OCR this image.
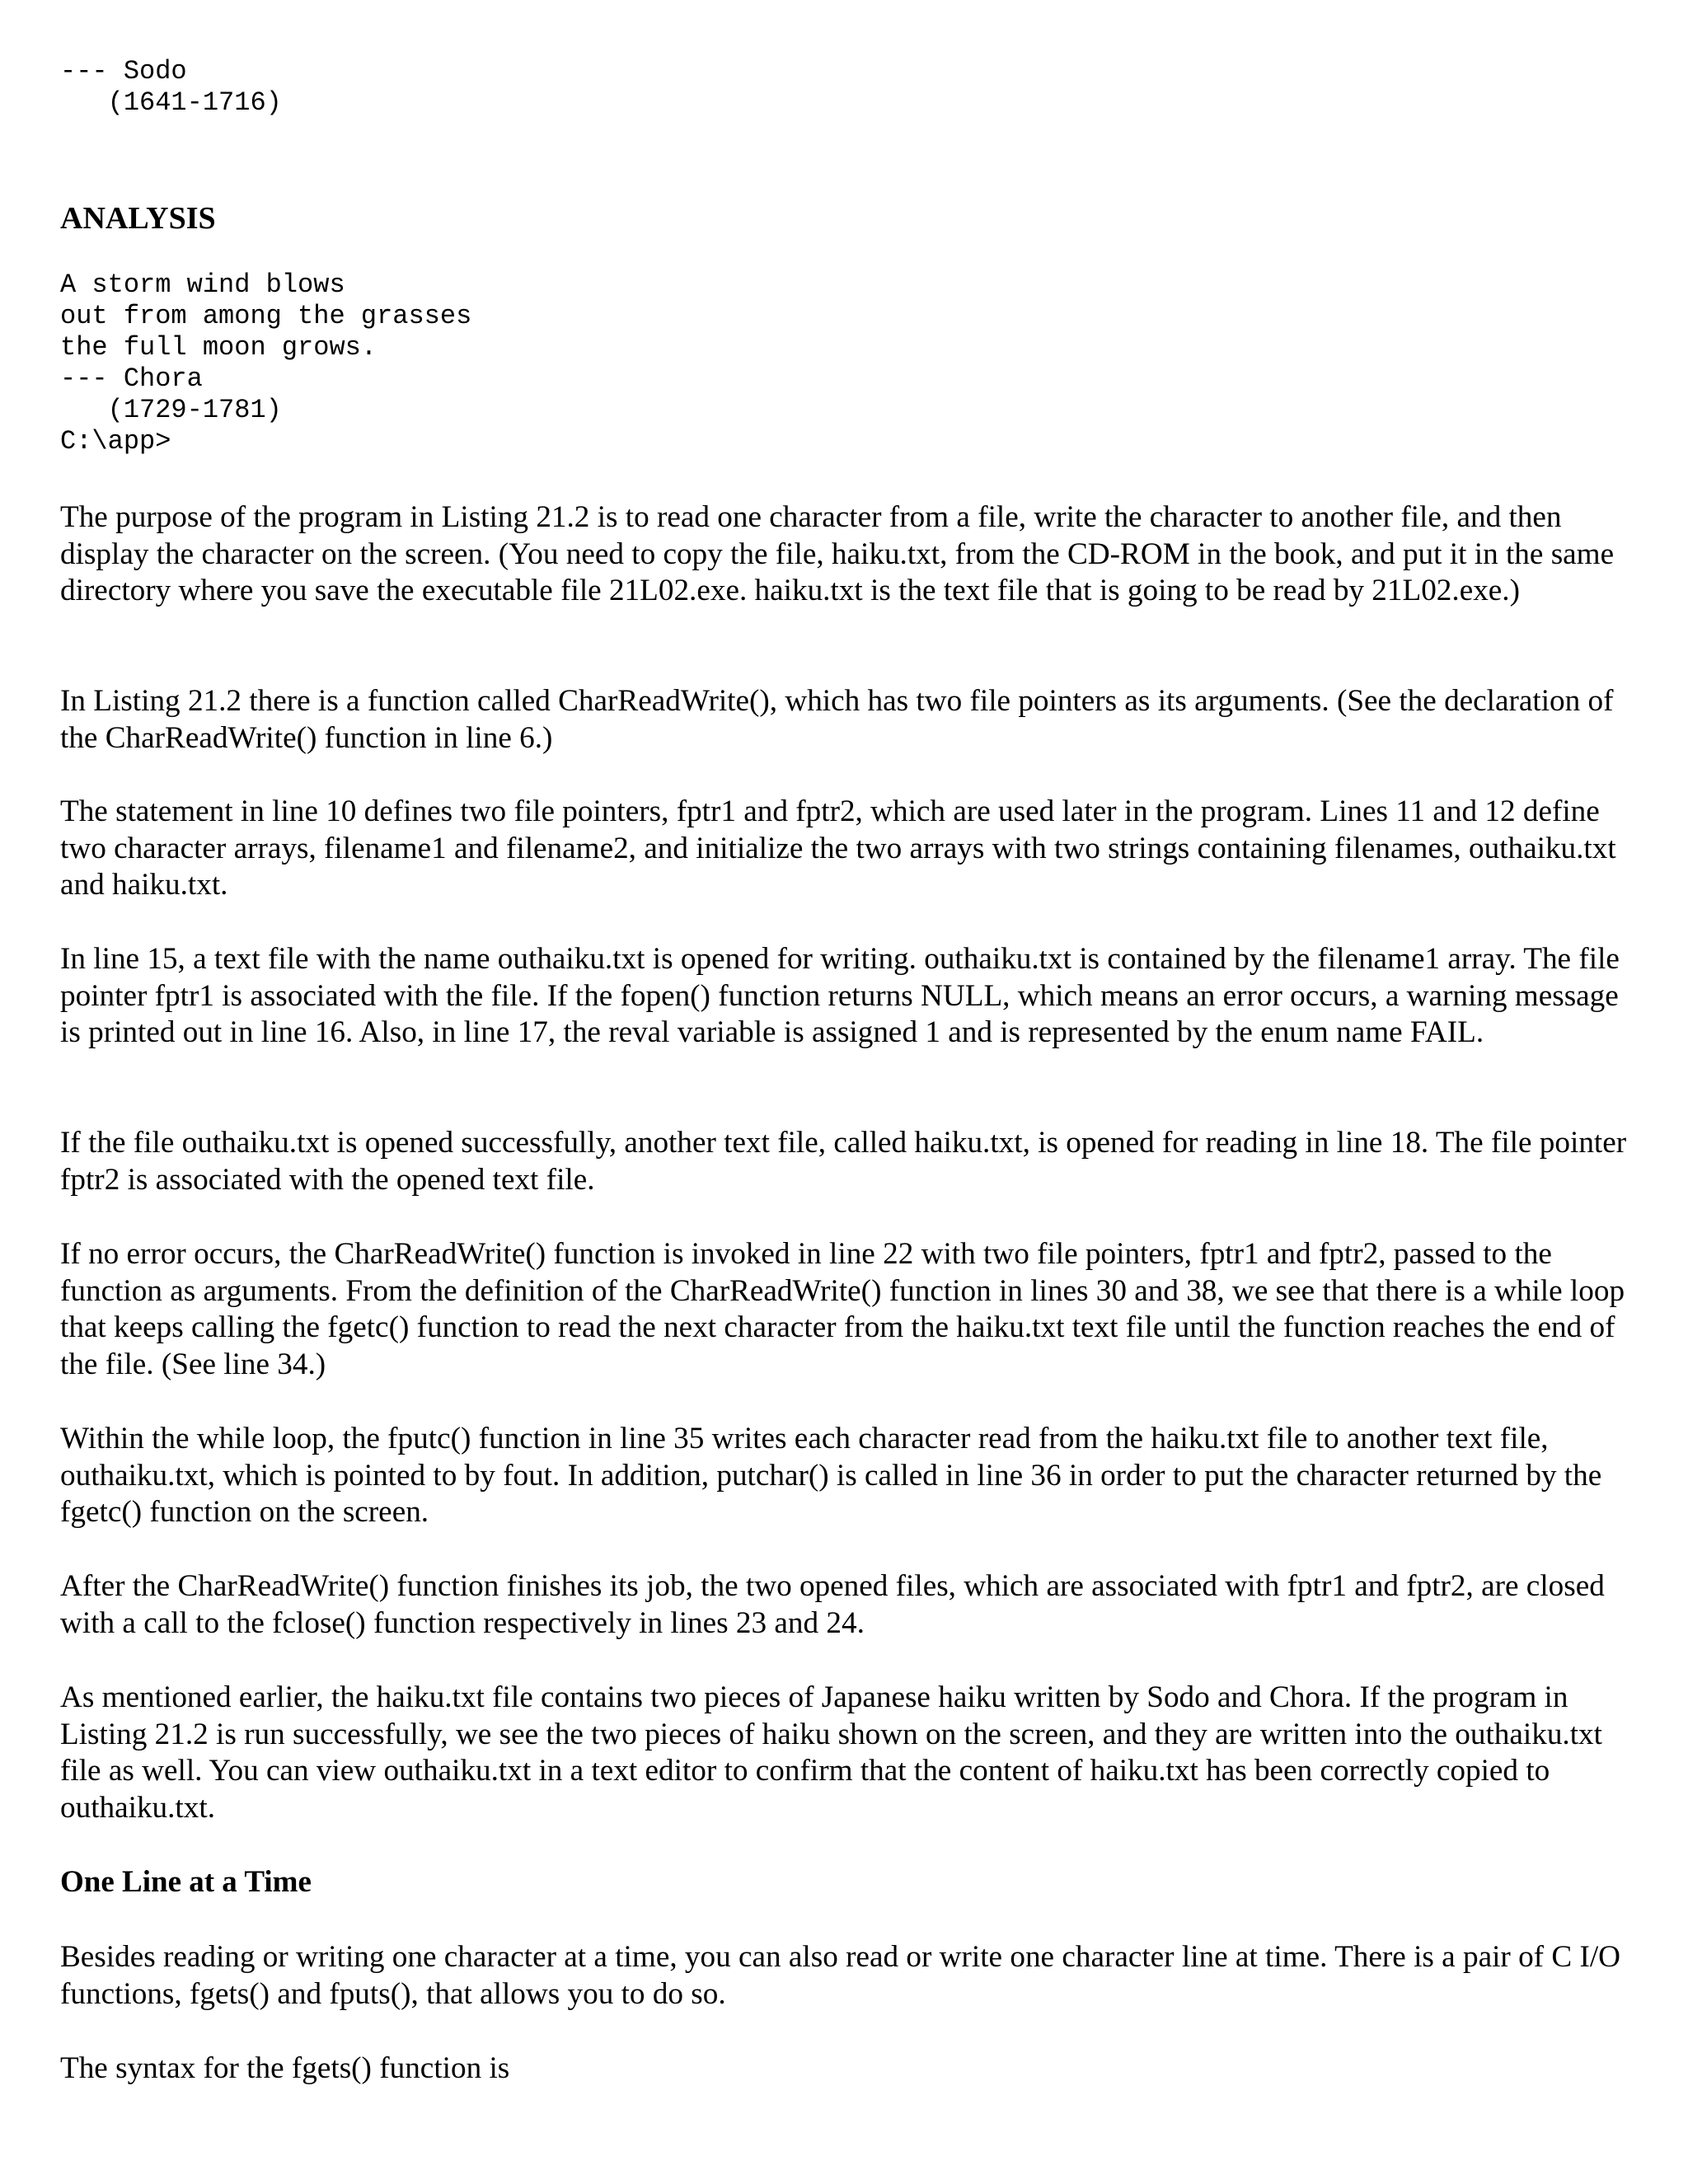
--- Sodo
(1641-1716)
ANALYSIS
A storm wind blows
out from among the grasses
the full moon grows.
--- Chora
(1729-1781)
C:\app>

The purpose of the program in Listing 21.2 is to read one character from a file, write the character to another file, and then display the character on the screen. (You need to copy the file, haiku.txt, from the CD-ROM in the book, and put it in the same directory where you save the executable file 21L02.exe. haiku.txt is the text file that is going to be read by 21L02.exe.)

In Listing 21.2 there is a function called CharReadWrite(), which has two file pointers as its arguments. (See the declaration of the CharReadWrite() function in line 6.)

The statement in line 10 defines two file pointers, fptr1 and fptr2, which are used later in the program. Lines 11 and 12 define two character arrays, filename1 and filename2, and initialize the two arrays with two strings containing filenames, outhaiku.txt and haiku.txt.

In line 15, a text file with the name outhaiku.txt is opened for writing. outhaiku.txt is contained by the filename1 array. The file pointer fptr1 is associated with the file. If the fopen() function returns NULL, which means an error occurs, a warning message is printed out in line 16. Also, in line 17, the reval variable is assigned 1 and is represented by the enum name FAIL.

If the file outhaiku.txt is opened successfully, another text file, called haiku.txt, is opened for reading in line 18. The file pointer fptr2 is associated with the opened text file.

If no error occurs, the CharReadWrite() function is invoked in line 22 with two file pointers, fptr1 and fptr2, passed to the function as arguments. From the definition of the CharReadWrite() function in lines 30 and 38, we see that there is a while loop that keeps calling the fgetc() function to read the next character from the haiku.txt text file until the function reaches the end of the file. (See line 34.)

Within the while loop, the fputc() function in line 35 writes each character read from the haiku.txt file to another text file, outhaiku.txt, which is pointed to by fout. In addition, putchar() is called in line 36 in order to put the character returned by the fgetc() function on the screen.

After the CharReadWrite() function finishes its job, the two opened files, which are associated with fptr1 and fptr2, are closed with a call to the fclose() function respectively in lines 23 and 24.

As mentioned earlier, the haiku.txt file contains two pieces of Japanese haiku written by Sodo and Chora. If the program in Listing 21.2 is run successfully, we see the two pieces of haiku shown on the screen, and they are written into the outhaiku.txt file as well. You can view outhaiku.txt in a text editor to confirm that the content of haiku.txt has been correctly copied to outhaiku.txt.

One Line at a Time

Besides reading or writing one character at a time, you can also read or write one character line at time. There is a pair of C I/O functions, fgets() and fputs(), that allows you to do so.

The syntax for the fgets() function is
